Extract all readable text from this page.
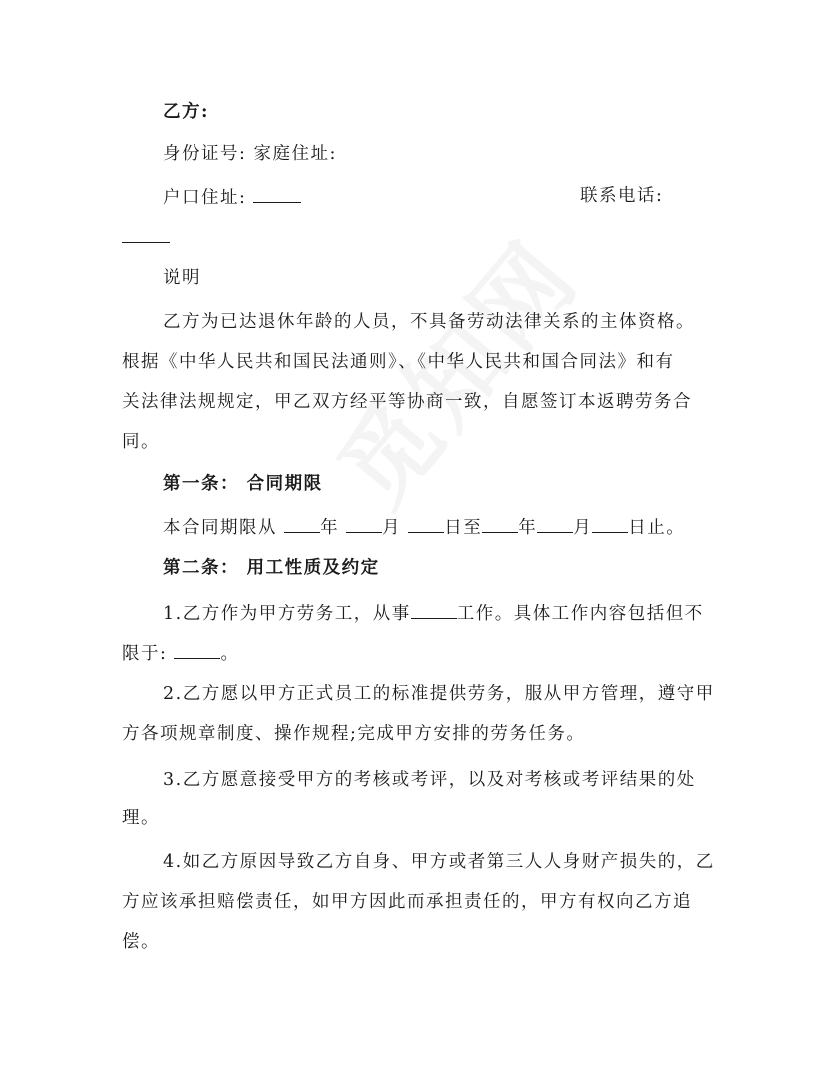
乙方:
身份证号: 家庭住址:
户口住址:	联系电话:
说明
乙方为已达退休年龄的人员，不具备劳动法律关系的主体资格。
根据《中华人民共和国民法通则》、《中华人民共和国合同法》和有
关法律法规规定，甲乙双方经平等协商一致，自愿签订本返聘劳务合
同。
第一条： 合同期限
本合同期限从 年 月 日至 年 月 日止。
第二条： 用工性质及约定
1.乙方作为甲方劳务工，从事	工作。具体工作内容包括但不
限于:	。
2.乙方愿以甲方正式员工的标准提供劳务，服从甲方管理，遵守甲
方各项规章制度、操作规程;完成甲方安排的劳务任务。
3.乙方愿意接受甲方的考核或考评，以及对考核或考评结果的处
理。
4.如乙方原因导致乙方自身、甲方或者第三人人身财产损失的，乙
方应该承担赔偿责任，如甲方因此而承担责任的，甲方有权向乙方追
偿。
